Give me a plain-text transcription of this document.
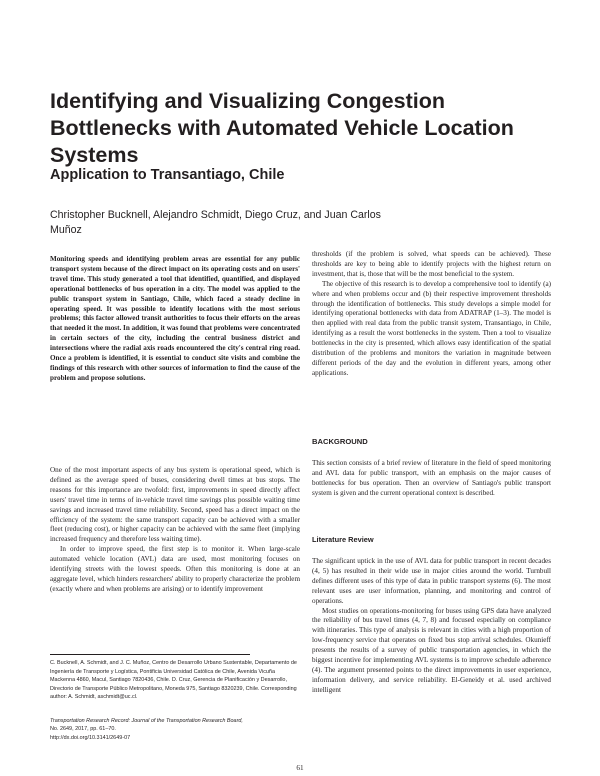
Identifying and Visualizing Congestion Bottlenecks with Automated Vehicle Location Systems
Application to Transantiago, Chile
Christopher Bucknell, Alejandro Schmidt, Diego Cruz, and Juan Carlos Muñoz

Monitoring speeds and identifying problem areas are essential for any public transport system because of the direct impact on its operating costs and on users' travel time. This study generated a tool that identified, quantified, and displayed operational bottlenecks of bus operation in a city. The model was applied to the public transport system in Santiago, Chile, which faced a steady decline in operating speed. It was possible to identify locations with the most serious problems; this factor allowed transit authorities to focus their efforts on the areas that needed it the most. In addition, it was found that problems were concentrated in certain sectors of the city, including the central business district and intersections where the radial axis roads encountered the city's central ring road. Once a problem is identified, it is essential to conduct site visits and combine the findings of this research with other sources of information to find the cause of the problem and propose solutions.

One of the most important aspects of any bus system is operational speed, which is defined as the average speed of buses, considering dwell times at bus stops. The reasons for this importance are twofold: first, improvements in speed directly affect users' travel time in terms of in-vehicle travel time savings plus possible waiting time savings and increased travel time reliability. Second, speed has a direct impact on the efficiency of the system: the same transport capacity can be achieved with a smaller fleet (reducing cost), or higher capacity can be achieved with the same fleet (implying increased frequency and therefore less waiting time).

In order to improve speed, the first step is to monitor it. When large-scale automated vehicle location (AVL) data are used, most monitoring focuses on identifying streets with the lowest speeds. Often this monitoring is done at an aggregate level, which hinders researchers' ability to properly characterize the problem (exactly where and when problems are arising) or to identify improvement

thresholds (if the problem is solved, what speeds can be achieved). These thresholds are key to being able to identify projects with the highest return on investment, that is, those that will be the most beneficial to the system.

The objective of this research is to develop a comprehensive tool to identify (a) where and when problems occur and (b) their respective improvement thresholds through the identification of bottlenecks. This study develops a simple model for identifying operational bottlenecks with data from ADATRAP (1–3). The model is then applied with real data from the public transit system, Transantiago, in Chile, identifying as a result the worst bottlenecks in the system. Then a tool to visualize bottlenecks in the city is presented, which allows easy identification of the spatial distribution of the problems and monitors the variation in magnitude between different periods of the day and the evolution in different years, among other applications.

BACKGROUND

This section consists of a brief review of literature in the field of speed monitoring and AVL data for public transport, with an emphasis on the major causes of bottlenecks for bus operation. Then an overview of Santiago's public transport system is given and the current operational context is described.

Literature Review

The significant uptick in the use of AVL data for public transport in recent decades (4, 5) has resulted in their wide use in major cities around the world. Turnbull defines different uses of this type of data in public transport systems (6). The most relevant uses are user information, planning, and monitoring and control of operations.

Most studies on operations-monitoring for buses using GPS data have analyzed the reliability of bus travel times (4, 7, 8) and focused especially on compliance with itineraries. This type of analysis is relevant in cities with a high proportion of low-frequency service that operates on fixed bus stop arrival schedules. Okunieff presents the results of a survey of public transportation agencies, in which the biggest incentive for implementing AVL systems is to improve schedule adherence (4). The argument presented points to the direct improvements in user experience, information delivery, and service reliability. El-Geneidy et al. used archived intelligent

C. Bucknell, A. Schmidt, and J. C. Muñoz, Centro de Desarrollo Urbano Sustentable, Departamento de Ingeniería de Transporte y Logística, Pontificia Universidad Católica de Chile, Avenida Vicuña Mackenna 4860, Macul, Santiago 7820436, Chile. D. Cruz, Gerencia de Planificación y Desarrollo, Directorio de Transporte Público Metropolitano, Moneda 975, Santiago 8320239, Chile. Corresponding author: A. Schmidt, aschmidt@uc.cl.
Transportation Research Record: Journal of the Transportation Research Board,
No. 2649, 2017, pp. 61–70.
http://dx.doi.org/10.3141/2649-07
61
